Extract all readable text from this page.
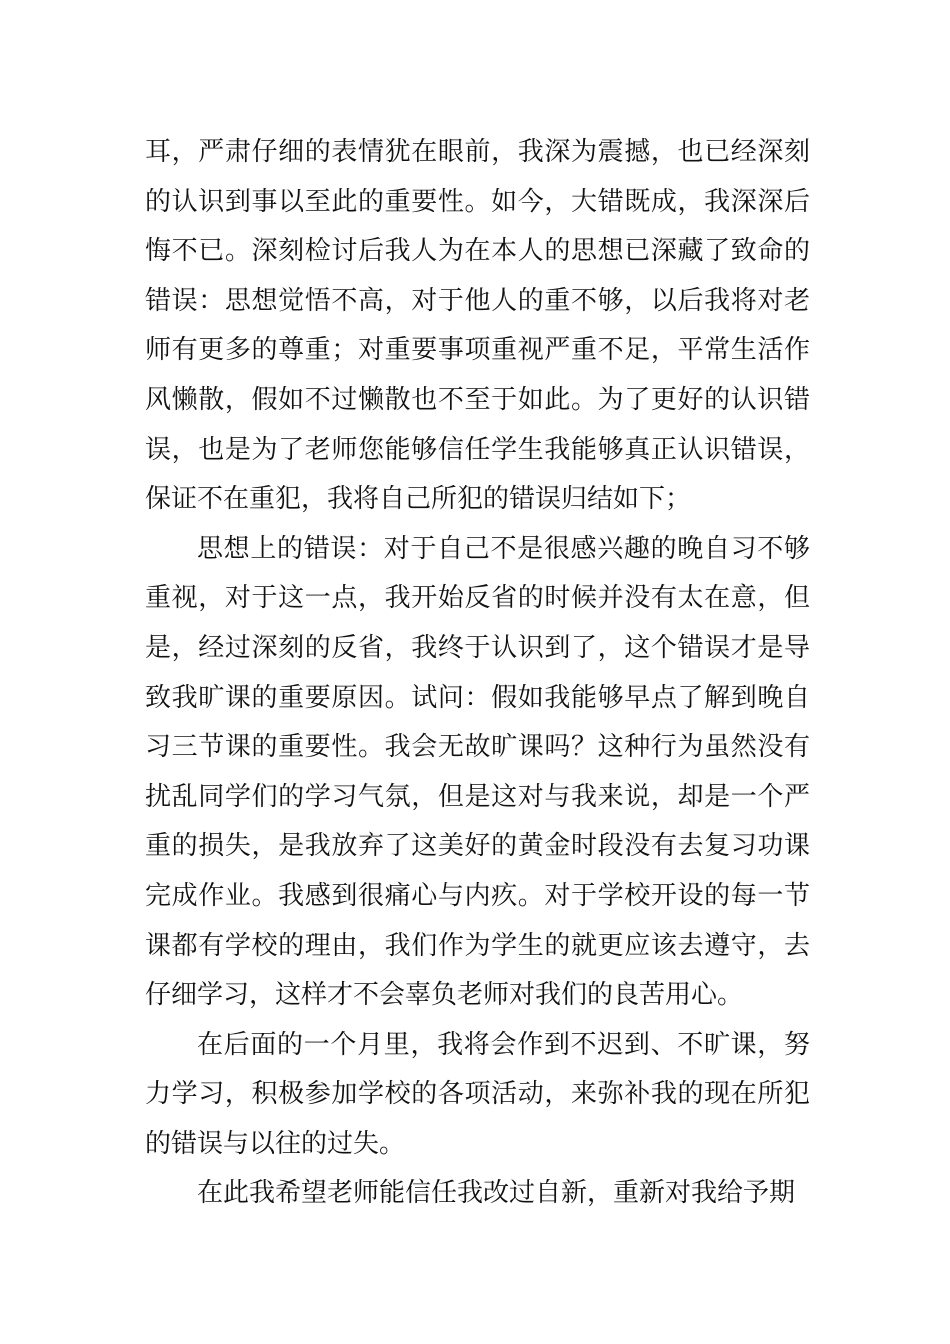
耳，严肃仔细的表情犹在眼前，我深为震撼，也已经深刻的认识到事以至此的重要性。如今，大错既成，我深深后悔不已。深刻检讨后我人为在本人的思想已深藏了致命的错误：思想觉悟不高，对于他人的重不够，以后我将对老师有更多的尊重；对重要事项重视严重不足，平常生活作风懒散，假如不过懒散也不至于如此。为了更好的认识错误，也是为了老师您能够信任学生我能够真正认识错误，保证不在重犯，我将自己所犯的错误归结如下；

思想上的错误：对于自己不是很感兴趣的晚自习不够重视，对于这一点，我开始反省的时候并没有太在意，但是，经过深刻的反省，我终于认识到了，这个错误才是导致我旷课的重要原因。试问：假如我能够早点了解到晚自习三节课的重要性。我会无故旷课吗？这种行为虽然没有扰乱同学们的学习气氛，但是这对与我来说，却是一个严重的损失，是我放弃了这美好的黄金时段没有去复习功课完成作业。我感到很痛心与内疚。对于学校开设的每一节课都有学校的理由，我们作为学生的就更应该去遵守，去仔细学习，这样才不会辜负老师对我们的良苦用心。

在后面的一个月里，我将会作到不迟到、不旷课，努力学习，积极参加学校的各项活动，来弥补我的现在所犯的错误与以往的过失。

在此我希望老师能信任我改过自新，重新对我给予期
